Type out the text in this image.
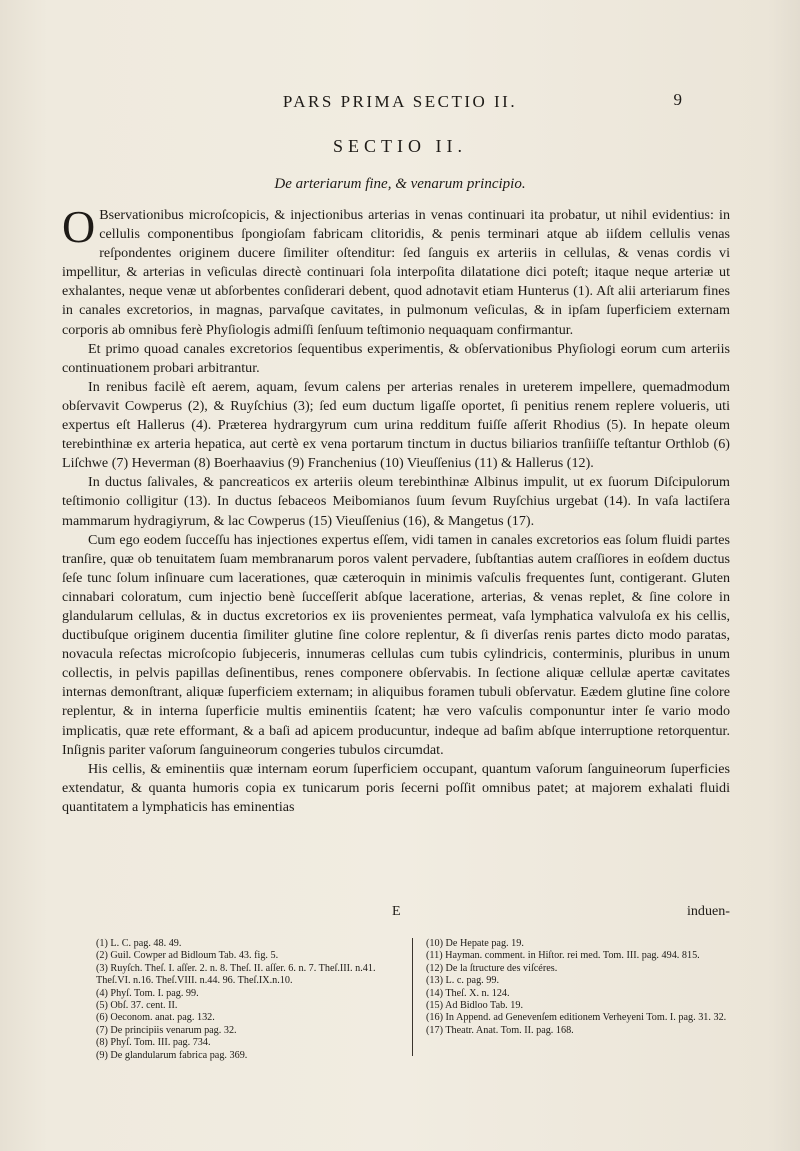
PARS PRIMA SECTIO II.	9
SECTIO II.
De arteriarum fine, & venarum principio.

O Bservationibus microſcopicis, & injectionibus arterias in venas continuari ita probatur, ut nihil evidentius: in cellulis componentibus ſpongioſam fabricam clitoridis, & penis terminari atque ab iiſdem cellulis venas reſpondentes originem ducere ſimiliter oſtenditur: ſed ſanguis ex arteriis in cellulas, & venas cordis vi impellitur, & arterias in veſiculas directè continuari ſola interpoſita dilatatione dici poteſt; itaque neque arteriæ ut exhalantes, neque venæ ut abſorbentes conſiderari debent, quod adnotavit etiam Hunterus (1). Aſt alii arteriarum fines in canales excretorios, in magnas, parvaſque cavitates, in pulmonum veſiculas, & in ipſam ſuperficiem externam corporis ab omnibus ferè Phyſiologis admiſſi ſenſuum teſtimonio nequaquam confirmantur.

Et primo quoad canales excretorios ſequentibus experimentis, & obſervationibus Phyſiologi eorum cum arteriis continuationem probari arbitrantur.

In renibus facilè eſt aerem, aquam, ſevum calens per arterias renales in ureterem impellere, quemadmodum obſervavit Cowperus (2), & Ruyſchius (3); ſed eum ductum ligaſſe oportet, ſi penitius renem replere volueris, uti expertus eſt Hallerus (4). Præterea hydrargyrum cum urina redditum fuiſſe aſſerit Rhodius (5). In hepate oleum terebinthinæ ex arteria hepatica, aut certè ex vena portarum tinctum in ductus biliarios tranſiiſſe teſtantur Orthlob (6) Liſchwe (7) Heverman (8) Boerhaavius (9) Franchenius (10) Vieuſſenius (11) & Hallerus (12).

In ductus ſalivales, & pancreaticos ex arteriis oleum terebinthinæ Albinus impulit, ut ex ſuorum Diſcipulorum teſtimonio colligitur (13). In ductus ſebaceos Meibomianos ſuum ſevum Ruyſchius urgebat (14). In vaſa lactiſera mammarum hydragiyrum, & lac Cowperus (15) Vieuſſenius (16), & Mangetus (17).

Cum ego eodem ſucceſſu has injectiones expertus eſſem, vidi tamen in canales excretorios eas ſolum fluidi partes tranſire, quæ ob tenuitatem ſuam membranarum poros valent pervadere, ſubſtantias autem craſſiores in eoſdem ductus ſeſe tunc ſolum inſinuare cum lacerationes, quæ cæteroquin in minimis vaſculis frequentes ſunt, contigerant. Gluten cinnabari coloratum, cum injectio benè ſucceſſerit abſque laceratione, arterias, & venas replet, & ſine colore in glandularum cellulas, & in ductus excretorios ex iis provenientes permeat, vaſa lymphatica valvuloſa ex his cellis, ductibuſque originem ducentia ſimiliter glutine ſine colore replentur, & ſi diverſas renis partes dicto modo paratas, novacula reſectas microſcopio ſubjeceris, innumeras cellulas cum tubis cylindricis, conterminis, pluribus in unum collectis, in pelvis papillas deſinentibus, renes componere obſervabis. In ſectione aliquæ cellulæ apertæ cavitates internas demonſtrant, aliquæ ſuperficiem externam; in aliquibus foramen tubuli obſervatur. Eædem glutine ſine colore replentur, & in interna ſuperficie multis eminentiis ſcatent; hæ vero vaſculis componuntur inter ſe vario modo implicatis, quæ rete efformant, & a baſi ad apicem producuntur, indeque ad baſim abſque interruptione retorquentur. Inſignis pariter vaſorum ſanguineorum congeries tubulos circumdat.

His cellis, & eminentiis quæ internam eorum ſuperficiem occupant, quantum vaſorum ſanguineorum ſuperficies extendatur, & quanta humoris copia ex tunicarum poris ſecerni poſſit omnibus patet; at majorem exhalati fluidi quantitatem a lymphaticis has eminentias

E	induen-
(1) L. C. pag. 48. 49.
(2) Guil. Cowper ad Bidloum Tab. 43. fig. 5.
(3) Ruyſch. Theſ. I. aſſer. 2. n. 8. Theſ. II. aſſer. 6. n. 7. Theſ.III. n.41. Theſ.VI. n.16. Theſ.VIII. n.44. 96. Theſ.IX.n.10.
(4) Phyſ. Tom. I. pag. 99.
(5) Obſ. 37. cent. II.
(6) Oeconom. anat. pag. 132.
(7) De principiis venarum pag. 32.
(8) Phyſ. Tom. III. pag. 734.
(9) De glandularum fabrica pag. 369.
(10) De Hepate pag. 19.
(11) Hayman. comment. in Hiſtor. rei med. Tom. III. pag. 494. 815.
(12) De la ſtructure des viſcéres.
(13) L. c. pag. 99.
(14) Theſ. X. n. 124.
(15) Ad Bidloo Tab. 19.
(16) In Append. ad Genevenſem editionem Verheyeni Tom. I. pag. 31. 32.
(17) Theatr. Anat. Tom. II. pag. 168.
